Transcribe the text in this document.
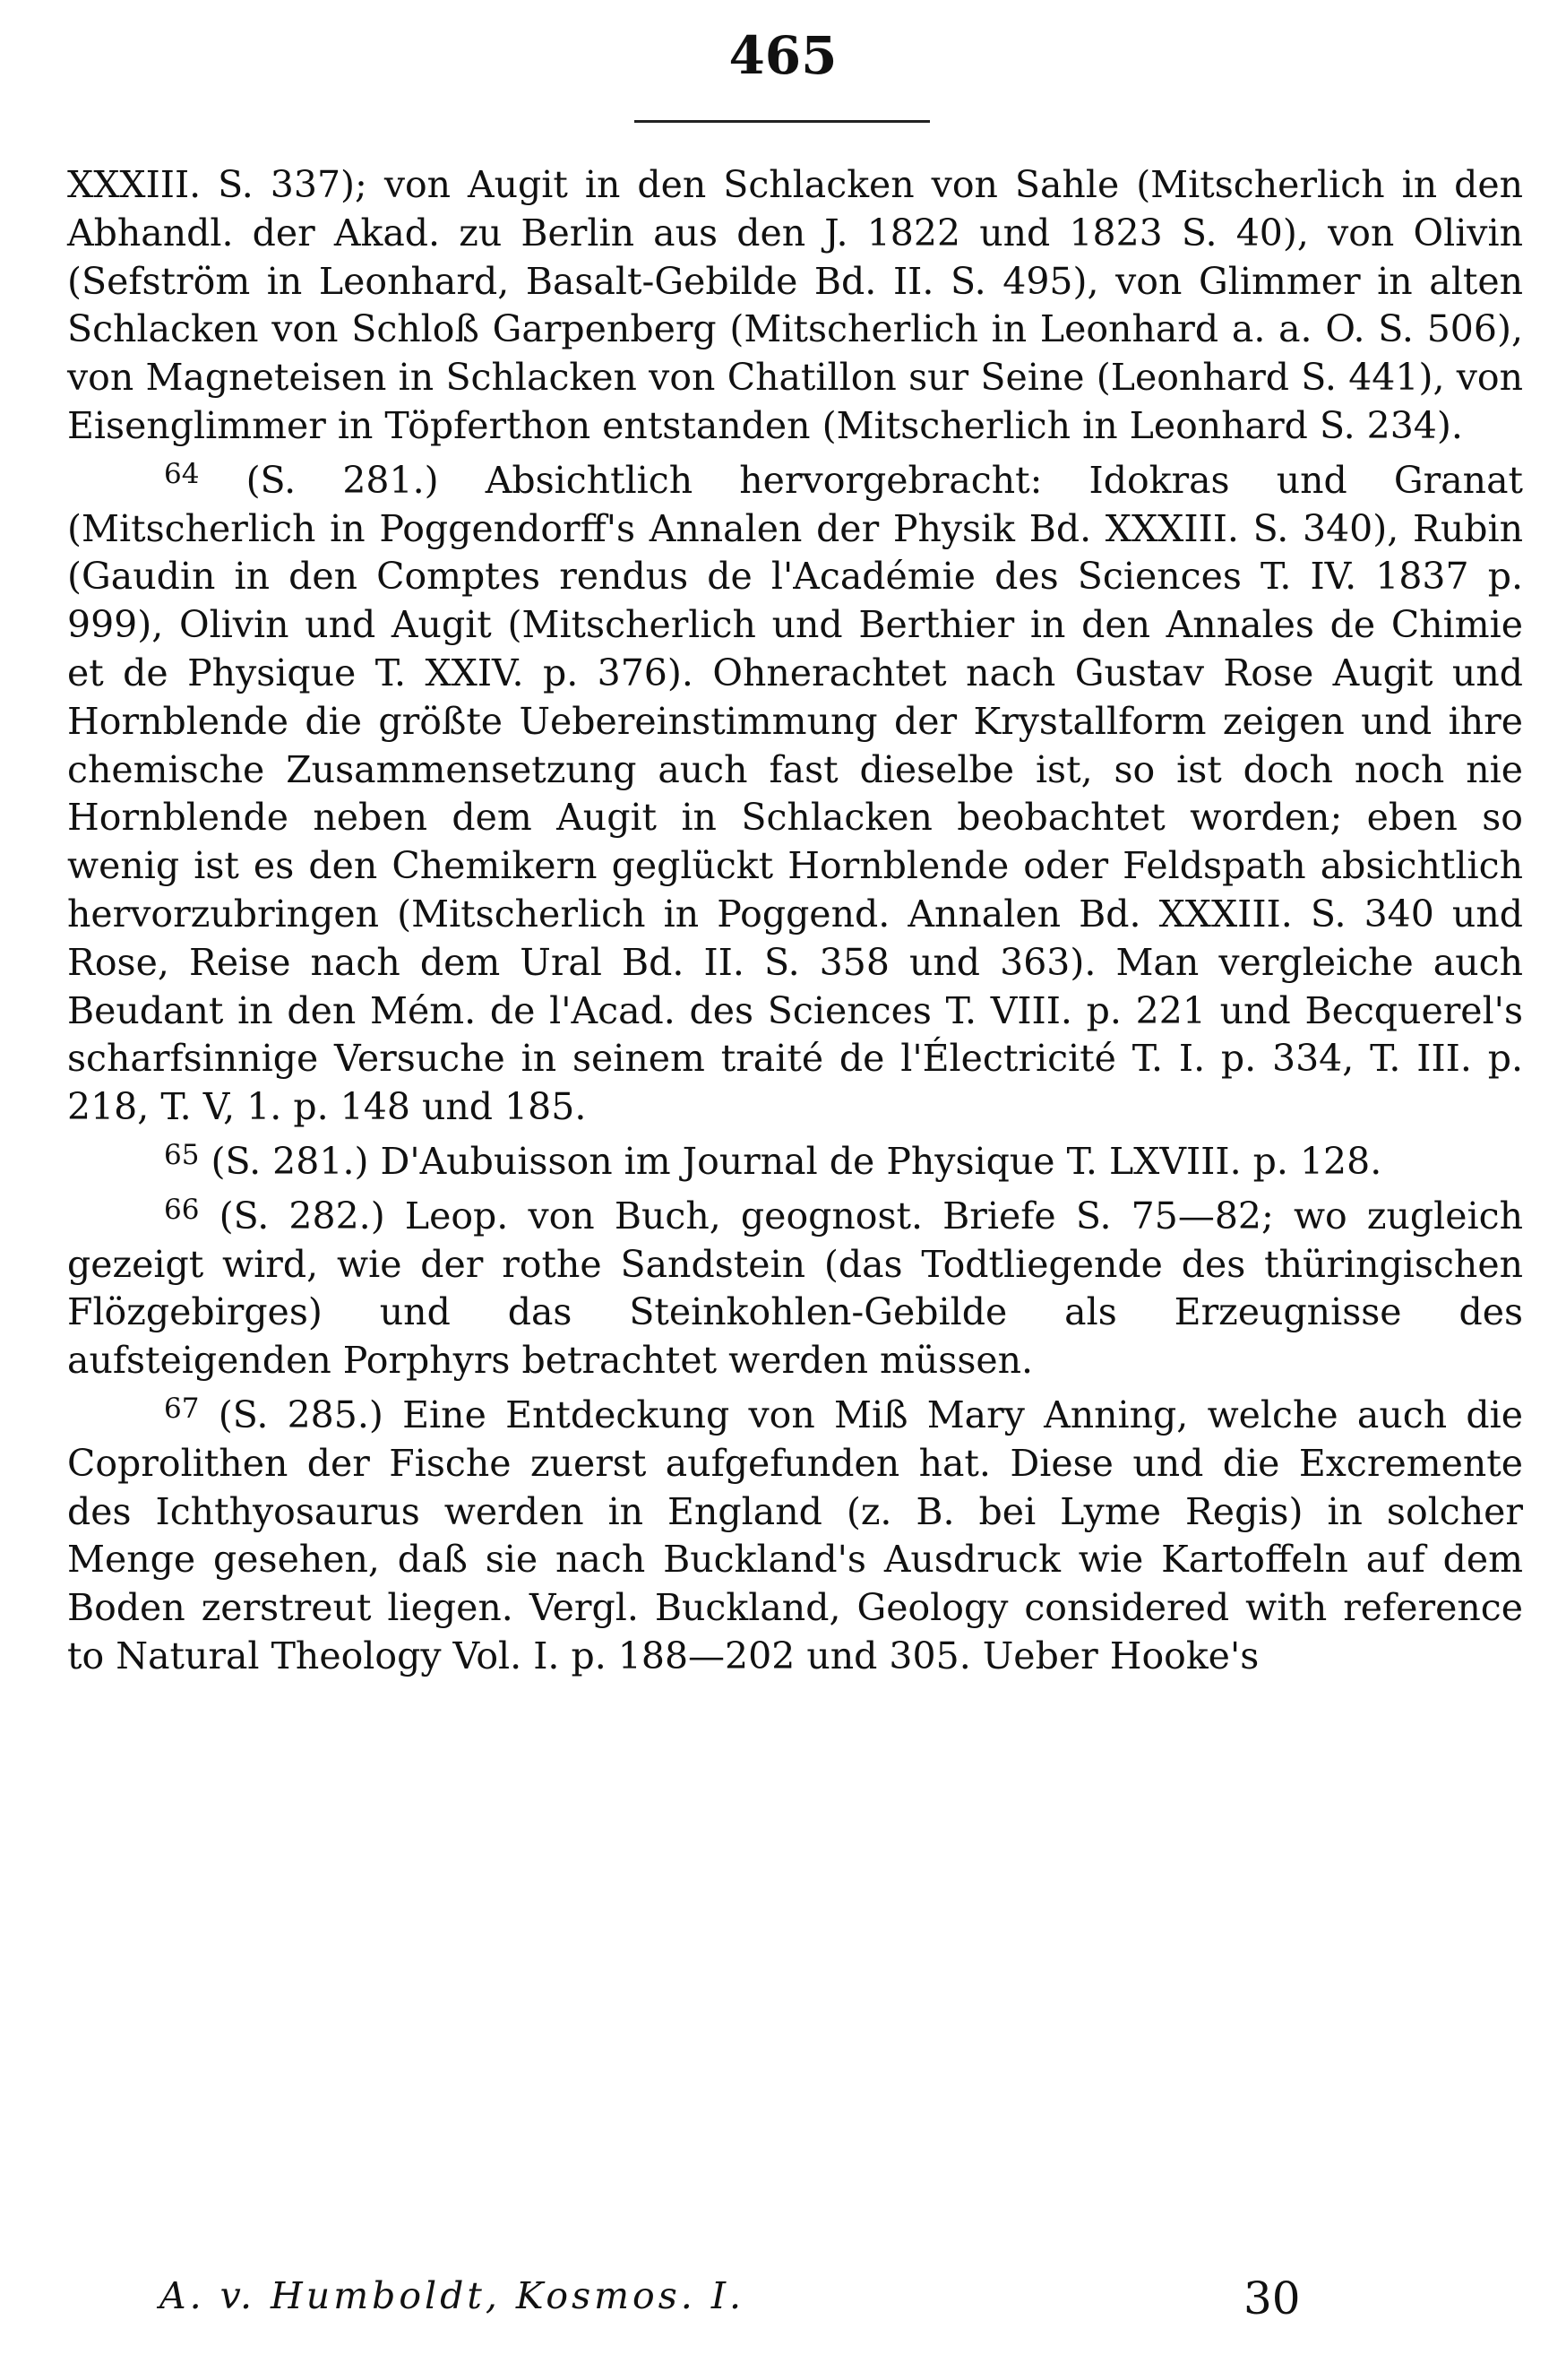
465

XXXIII. S. 337); von Augit in den Schlacken von Sahle (Mitscherlich in den Abhandl. der Akad. zu Berlin aus den J. 1822 und 1823 S. 40), von Olivin (Sefström in Leonhard, Basalt-Gebilde Bd. II. S. 495), von Glimmer in alten Schlacken von Schloß Garpenberg (Mitscherlich in Leonhard a. a. O. S. 506), von Magneteisen in Schlacken von Chatillon sur Seine (Leonhard S. 441), von Eisenglimmer in Töpferthon entstanden (Mitscherlich in Leonhard S. 234).

$^{64}$ (S. 281.) Absichtlich hervorgebracht: Idokras und Granat (Mitscherlich in Poggendorff's Annalen der Physik Bd. XXXIII. S. 340), Rubin (Gaudin in den Comptes rendus de l'Académie des Sciences T. IV. 1837 p. 999), Olivin und Augit (Mitscherlich und Berthier in den Annales de Chimie et de Physique T. XXIV. p. 376). Ohnerachtet nach Gustav Rose Augit und Hornblende die größte Uebereinstimmung der Krystallform zeigen und ihre chemische Zusammensetzung auch fast dieselbe ist, so ist doch noch nie Hornblende neben dem Augit in Schlacken beobachtet worden; eben so wenig ist es den Chemikern geglückt Hornblende oder Feldspath absichtlich hervorzubringen (Mitscherlich in Poggend. Annalen Bd. XXXIII. S. 340 und Rose, Reise nach dem Ural Bd. II. S. 358 und 363). Man vergleiche auch Beudant in den Mém. de l'Acad. des Sciences T. VIII. p. 221 und Becquerel's scharfsinnige Versuche in seinem traité de l'Électricité T. I. p. 334, T. III. p. 218, T. V, 1. p. 148 und 185.

$^{65}$ (S. 281.) D'Aubuisson im Journal de Physique T. LXVIII. p. 128.

$^{66}$ (S. 282.) Leop. von Buch, geognost. Briefe S. 75—82; wo zugleich gezeigt wird, wie der rothe Sandstein (das Todtliegende des thüringischen Flözgebirges) und das Steinkohlen-Gebilde als Erzeugnisse des aufsteigenden Porphyrs betrachtet werden müssen.

$^{67}$ (S. 285.) Eine Entdeckung von Miß Mary Anning, welche auch die Coprolithen der Fische zuerst aufgefunden hat. Diese und die Excremente des Ichthyosaurus werden in England (z. B. bei Lyme Regis) in solcher Menge gesehen, daß sie nach Buckland's Ausdruck wie Kartoffeln auf dem Boden zerstreut liegen. Vergl. Buckland, Geology considered with reference to Natural Theology Vol. I. p. 188—202 und 305. Ueber Hooke's

A. v. Humboldt, Kosmos. I.	30
